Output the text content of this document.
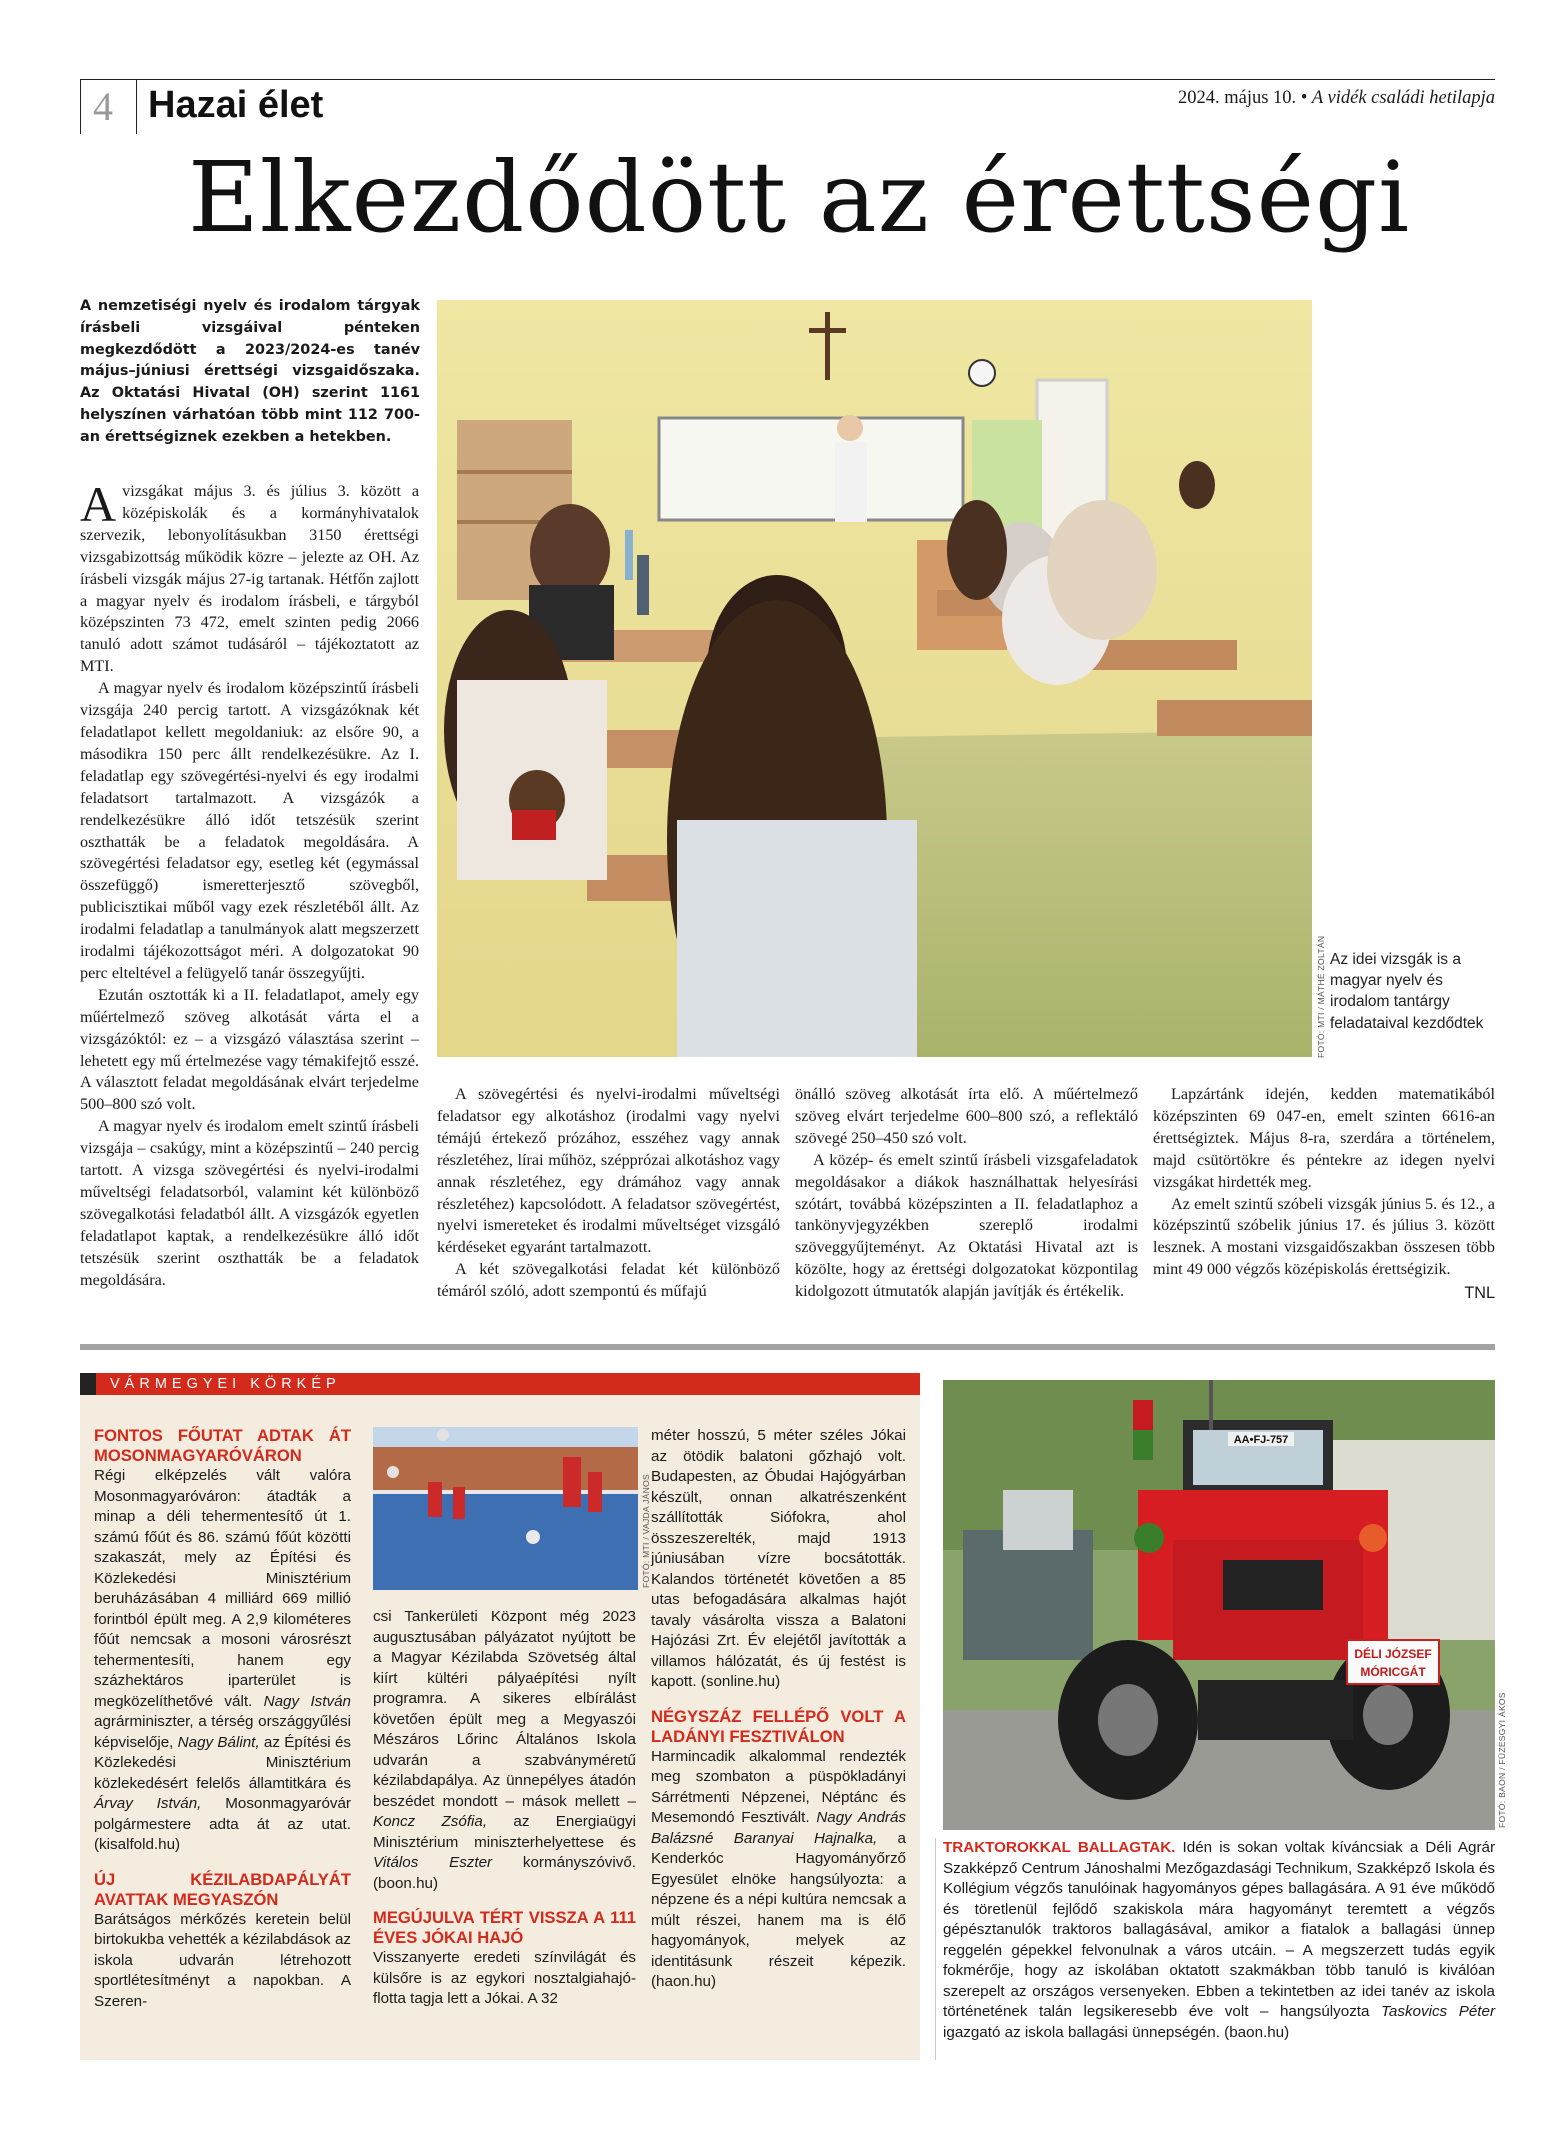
4 Hazai élet	2024. május 10. • A vidék családi hetilapja
Elkezdődött az érettségi
A nemzetiségi nyelv és irodalom tárgyak írásbeli vizsgáival pénteken megkezdődött a 2023/2024-es tanév május–júniusi érettségi vizsgaidőszaka. Az Oktatási Hivatal (OH) szerint 1161 helyszínen várhatóan több mint 112 700-an érettségiznek ezekben a hetekben.
FOTÓ: MTI / MÁTHÉ ZOLTÁN Az idei vizsgák is a magyar nyelv és irodalom tantárgy feladataival kezdődtek

Avizsgákat május 3. és július 3. között a középiskolák és a kormányhivatalok szervezik, lebonyolításukban 3150 érettségi vizsgabizottság működik közre – jelezte az OH. Az írásbeli vizsgák május 27-ig tartanak. Hétfőn zajlott a magyar nyelv és irodalom írásbeli, e tárgyból középszinten 73 472, emelt szinten pedig 2066 tanuló adott számot tudásáról – tájékoztatott az MTI.

A magyar nyelv és irodalom középszintű írásbeli vizsgája 240 percig tartott. A vizsgázóknak két feladatlapot kellett megoldaniuk: az elsőre 90, a másodikra 150 perc állt rendelkezésükre. Az I. feladatlap egy szövegértési-nyelvi és egy irodalmi feladatsort tartalmazott. A vizsgázók a rendelkezésükre álló időt tetszésük szerint oszthatták be a feladatok megoldására. A szövegértési feladatsor egy, esetleg két (egymással összefüggő) ismeretterjesztő szövegből, publicisztikai műből vagy ezek részletéből állt. Az irodalmi feladatlap a tanulmányok alatt megszerzett irodalmi tájékozottságot méri. A dolgozatokat 90 perc elteltével a felügyelő tanár összegyűjti.

Ezután osztották ki a II. feladatlapot, amely egy műértelmező szöveg alkotását várta el a vizsgázóktól: ez – a vizsgázó választása szerint – lehetett egy mű értelmezése vagy témakifejtő esszé. A választott feladat megoldásának elvárt terjedelme 500–800 szó volt.

A magyar nyelv és irodalom emelt szintű írásbeli vizsgája – csakúgy, mint a középszintű – 240 percig tartott. A vizsga szövegértési és nyelvi-irodalmi műveltségi feladatsorból, valamint két különböző szövegalkotási feladatból állt. A vizsgázók egyetlen feladatlapot kaptak, a rendelkezésükre álló időt tetszésük szerint oszthatták be a feladatok megoldására.

A szövegértési és nyelvi-irodalmi műveltségi feladatsor egy alkotáshoz (irodalmi vagy nyelvi témájú értekező prózához, esszéhez vagy annak részletéhez, lírai műhöz, szépprózai alkotáshoz vagy annak részletéhez, egy drámához vagy annak részletéhez) kapcsolódott. A feladatsor szövegértést, nyelvi ismereteket és irodalmi műveltséget vizsgáló kérdéseket egyaránt tartalmazott.

A két szövegalkotási feladat két különböző témáról szóló, adott szempontú és műfajú

önálló szöveg alkotását írta elő. A műértelmező szöveg elvárt terjedelme 600–800 szó, a reflektáló szövegé 250–450 szó volt.

A közép- és emelt szintű írásbeli vizsgafeladatok megoldásakor a diákok használhattak helyesírási szótárt, továbbá középszinten a II. feladatlaphoz a tankönyvjegyzékben szereplő irodalmi szöveggyűjteményt. Az Oktatási Hivatal azt is közölte, hogy az érettségi dolgozatokat központilag kidolgozott útmutatók alapján javítják és értékelik.

Lapzártánk idején, kedden matematikából középszinten 69 047-en, emelt szinten 6616-an érettségiztek. Május 8-ra, szerdára a történelem, majd csütörtökre és péntekre az idegen nyelvi vizsgákat hirdették meg.

Az emelt szintű szóbeli vizsgák június 5. és 12., a középszintű szóbelik június 17. és július 3. között lesznek. A mostani vizsgaidőszakban összesen több mint 49 000 végzős középiskolás érettségizik.

TNL

VÁRMEGYEI KÖRKÉP

FONTOS FŐUTAT ADTAK ÁT MOSONMAGYARÓVÁRON

Régi elképzelés vált valóra Mosonmagyaróváron: átadták a minap a déli tehermentesítő út 1. számú főút és 86. számú főút közötti szakaszát, mely az Építési és Közlekedési Minisztérium beruházásában 4 milliárd 669 millió forintból épült meg. A 2,9 kilométeres főút nemcsak a mosoni városrészt tehermentesíti, hanem egy százhektáros iparterület is megközelíthetővé vált. Nagy István agrárminiszter, a térség országgyűlési képviselője, Nagy Bálint, az Építési és Közlekedési Minisztérium közlekedésért felelős államtitkára és Árvay István, Mosonmagyaróvár polgármestere adta át az utat. (kisalfold.hu)

ÚJ KÉZILABDAPÁLYÁT AVATTAK MEGYASZÓN

Barátságos mérkőzés keretein belül birtokukba vehették a kézilabdások az iskola udvarán létrehozott sportlétesítményt a napokban. A Szeren-

FOTÓ: MTI / VAJDA JÁNOS

csi Tankerületi Központ még 2023 augusztusában pályázatot nyújtott be a Magyar Kézilabda Szövetség által kiírt kültéri pályaépítési nyílt programra. A sikeres elbírálást követően épült meg a Megyaszói Mészáros Lőrinc Általános Iskola udvarán a szabványméretű kézilabdapálya. Az ünnepélyes átadón beszédet mondott – mások mellett – Koncz Zsófia, az Energiaügyi Minisztérium miniszterhelyettese és Vitálos Eszter kormányszóvivő. (boon.hu)

MEGÚJULVA TÉRT VISSZA A 111 ÉVES JÓKAI HAJÓ

Visszanyerte eredeti színvilágát és külsőre is az egykori nosztalgiahajó-flotta tagja lett a Jókai. A 32

méter hosszú, 5 méter széles Jókai az ötödik balatoni gőzhajó volt. Budapesten, az Óbudai Hajógyárban készült, onnan alkatrészenként szállították Siófokra, ahol összeszerelték, majd 1913 júniusában vízre bocsátották. Kalandos történetét követően a 85 utas befogadására alkalmas hajót tavaly vásárolta vissza a Balatoni Hajózási Zrt. Év elejétől javították a villamos hálózatát, és új festést is kapott. (sonline.hu)

NÉGYSZÁZ FELLÉPŐ VOLT A LADÁNYI FESZTIVÁLON

Harmincadik alkalommal rendezték meg szombaton a püspökladányi Sárrétmenti Népzenei, Néptánc és Mesemondó Fesztivált. Nagy András Balázsné Baranyai Hajnalka, a Kenderkóc Hagyományőrző Egyesület elnöke hangsúlyozta: a népzene és a népi kultúra nemcsak a múlt részei, hanem ma is élő hagyományok, melyek az identitásunk részeit képezik. (haon.hu)

AA•FJ-757
DÉLI JÓZSEF
MÓRICGÁT
FOTÓ: BAON / FÜZESGYI ÁKOS

TRAKTOROKKAL BALLAGTAK. Idén is sokan voltak kíváncsiak a Déli Agrár Szakképző Centrum Jánoshalmi Mezőgazdasági Technikum, Szakképző Iskola és Kollégium végzős tanulóinak hagyományos gépes ballagására. A 91 éve működő és töretlenül fejlődő szakiskola mára hagyományt teremtett a végzős gépésztanulók traktoros ballagásával, amikor a fiatalok a ballagási ünnep reggelén gépekkel felvonulnak a város utcáin. – A megszerzett tudás egyik fokmérője, hogy az iskolában oktatott szakmákban több tanuló is kiválóan szerepelt az országos versenyeken. Ebben a tekintetben az idei tanév az iskola történetének talán legsikeresebb éve volt – hangsúlyozta Taskovics Péter igazgató az iskola ballagási ünnepségén. (baon.hu)
